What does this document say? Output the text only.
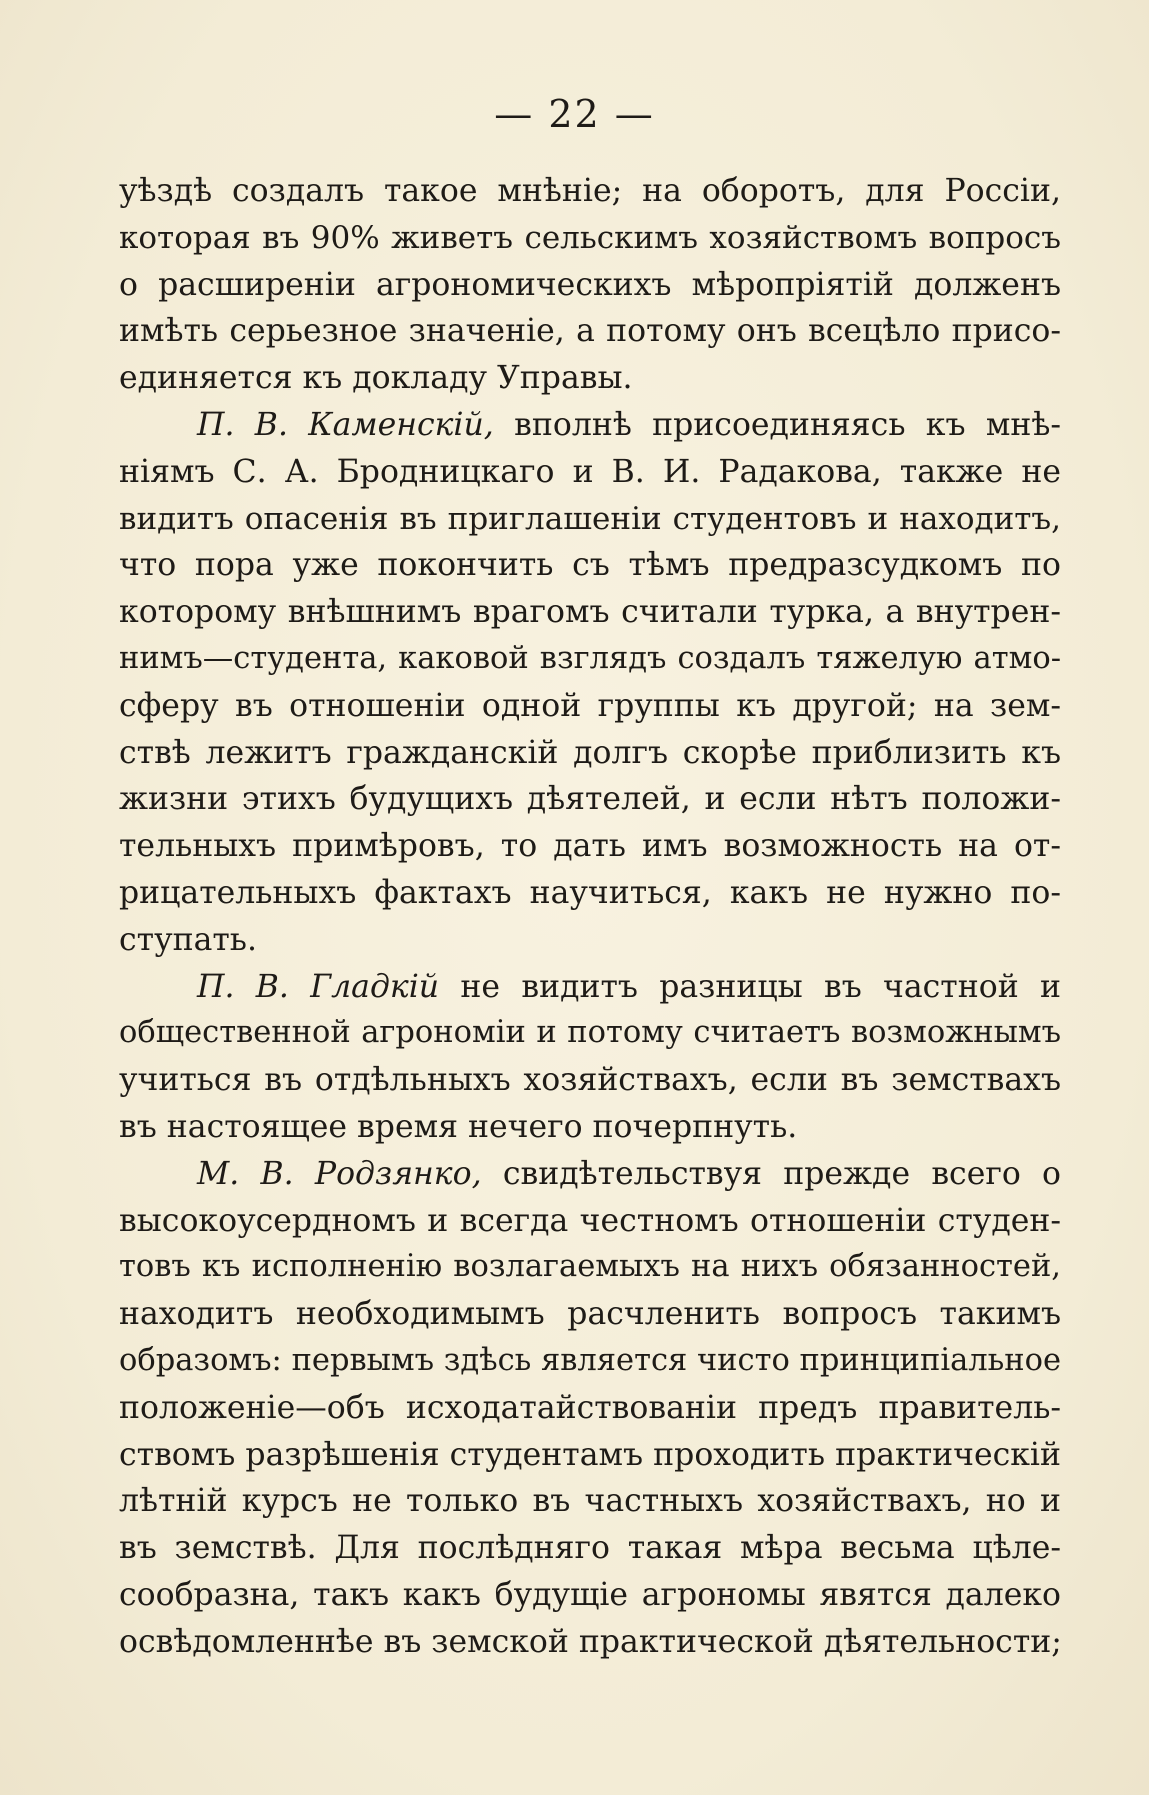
— 22 —
уѣздѣ создалъ такое мнѣніе; на оборотъ, для Россіи,
которая въ 90% живетъ сельскимъ хозяйствомъ вопросъ
о расширеніи агрономическихъ мѣропріятій долженъ
имѣть серьезное значеніе, а потому онъ всецѣло присо-
единяется къ докладу Управы.
П. В. Каменскій, вполнѣ присоединяясь къ мнѣ-
ніямъ С. А. Бродницкаго и В. И. Радакова, также не
видитъ опасенія въ приглашеніи студентовъ и находитъ,
что пора уже покончить съ тѣмъ предразсудкомъ по
которому внѣшнимъ врагомъ считали турка, а внутрен-
нимъ—студента, каковой взглядъ создалъ тяжелую атмо-
сферу въ отношеніи одной группы къ другой; на зем-
ствѣ лежитъ гражданскій долгъ скорѣе приблизить къ
жизни этихъ будущихъ дѣятелей, и если нѣтъ положи-
тельныхъ примѣровъ, то дать имъ возможность на от-
рицательныхъ фактахъ научиться, какъ не нужно по-
ступать.
П. В. Гладкій не видитъ разницы въ частной и
общественной агрономіи и потому считаетъ возможнымъ
учиться въ отдѣльныхъ хозяйствахъ, если въ земствахъ
въ настоящее время нечего почерпнуть.
М. В. Родзянко, свидѣтельствуя прежде всего о
высокоусердномъ и всегда честномъ отношеніи студен-
товъ къ исполненію возлагаемыхъ на нихъ обязанностей,
находитъ необходимымъ расчленить вопросъ такимъ
образомъ: первымъ здѣсь является чисто принципіальное
положеніе—объ исходатайствованіи предъ правитель-
ствомъ разрѣшенія студентамъ проходить практическій
лѣтній курсъ не только въ частныхъ хозяйствахъ, но и
въ земствѣ. Для послѣдняго такая мѣра весьма цѣле-
сообразна, такъ какъ будущіе агрономы явятся далеко
освѣдомленнѣе въ земской практической дѣятельности;
